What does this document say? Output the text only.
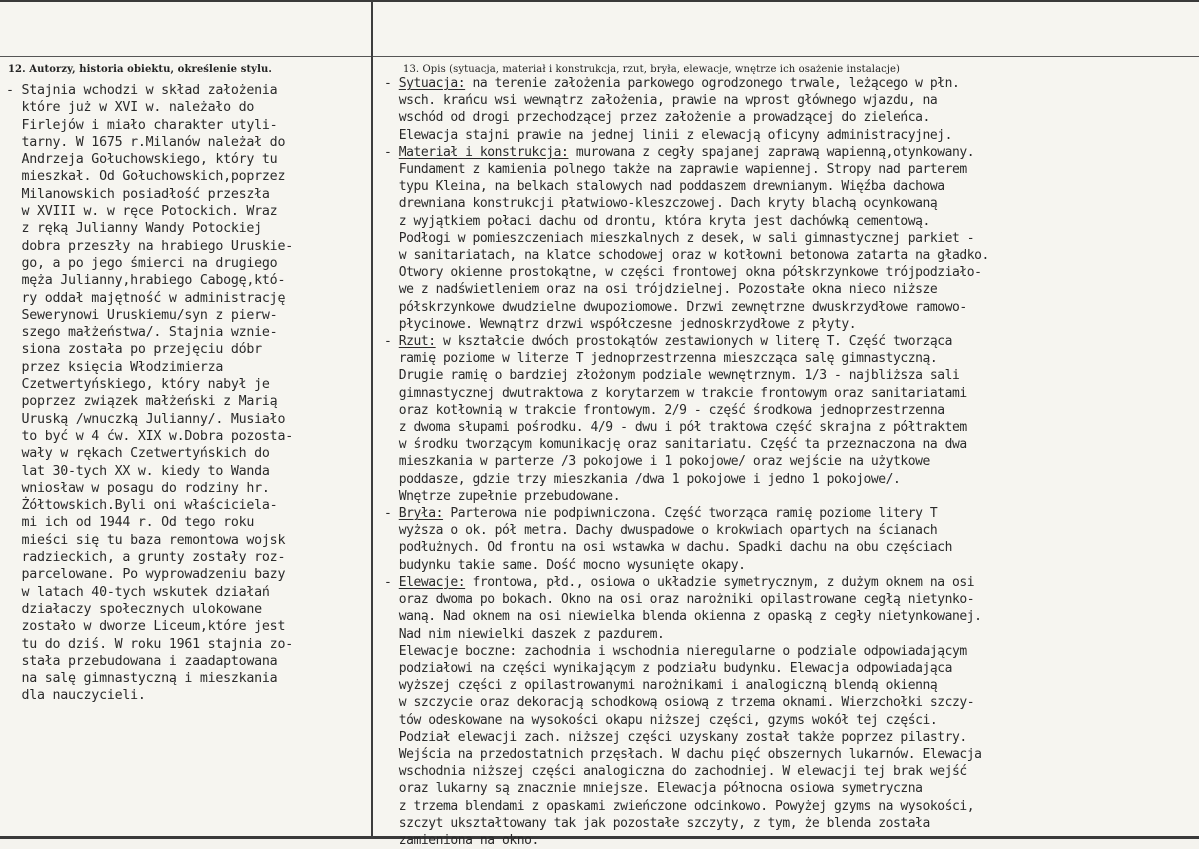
12. Autorzy, historia obiektu, określenie stylu.	13. Opis (sytuacja, materiał i konstrukcja, rzut, bryła, elewacje, wnętrze ich osażenie instalacje)
- Stajnia wchodzi w skład założenia
które już w XVI w. należało do
Firlejów i miało charakter utyli-
tarny. W 1675 r.Milanów należał do
Andrzeja Gołuchowskiego, który tu
mieszkał. Od Gołuchowskich,poprzez
Milanowskich posiadłość przeszła
w XVIII w. w ręce Potockich. Wraz
z ręką Julianny Wandy Potockiej
dobra przeszły na hrabiego Uruskie-
go, a po jego śmierci na drugiego
męża Julianny,hrabiego Cabogę,któ-
ry oddał majętność w administrację
Sewerynowi Uruskiemu/syn z pierw-
szego małżeństwa/. Stajnia wznie-
siona została po przejęciu dóbr
przez księcia Włodzimierza
Czetwertyńskiego, który nabył je
poprzez związek małżeński z Marią
Uruską /wnuczką Julianny/. Musiało
to być w 4 ćw. XIX w.Dobra pozosta-
wały w rękach Czetwertyńskich do
lat 30-tych XX w. kiedy to Wanda
wniosław w posagu do rodziny hr.
Żółtowskich.Byli oni właściciela-
mi ich od 1944 r. Od tego roku
mieści się tu baza remontowa wojsk
radzieckich, a grunty zostały roz-
parcelowane. Po wyprowadzeniu bazy
w latach 40-tych wskutek działań
działaczy społecznych ulokowane
zostało w dworze Liceum,które jest
tu do dziś. W roku 1961 stajnia zo-
stała przebudowana i zaadaptowana
na salę gimnastyczną i mieszkania
dla nauczycieli.
- Sytuacja: na terenie założenia parkowego ogrodzonego trwale, leżącego w płn.
wsch. krańcu wsi wewnątrz założenia, prawie na wprost głównego wjazdu, na
wschód od drogi przechodzącej przez założenie a prowadzącej do zieleńca.
Elewacja stajni prawie na jednej linii z elewacją oficyny administracyjnej.
- Materiał i konstrukcja: murowana z cegły spajanej zaprawą wapienną,otynkowany.
Fundament z kamienia polnego także na zaprawie wapiennej. Stropy nad parterem
typu Kleina, na belkach stalowych nad poddaszem drewnianym. Więźba dachowa
drewniana konstrukcji płatwiowo-kleszczowej. Dach kryty blachą ocynkowaną
z wyjątkiem połaci dachu od drontu, która kryta jest dachówką cementową.
Podłogi w pomieszczeniach mieszkalnych z desek, w sali gimnastycznej parkiet -
w sanitariatach, na klatce schodowej oraz w kotłowni betonowa zatarta na gładko.
Otwory okienne prostokątne, w części frontowej okna półskrzynkowe trójpodziało-
we z nadświetleniem oraz na osi trójdzielnej. Pozostałe okna nieco niższe
półskrzynkowe dwudzielne dwupoziomowe. Drzwi zewnętrzne dwuskrzydłowe ramowo-
płycinowe. Wewnątrz drzwi współczesne jednoskrzydłowe z płyty.
- Rzut: w kształcie dwóch prostokątów zestawionych w literę T. Część tworząca
ramię poziome w literze T jednoprzestrzenna mieszcząca salę gimnastyczną.
Drugie ramię o bardziej złożonym podziale wewnętrznym. 1/3 - najbliższa sali
gimnastycznej dwutraktowa z korytarzem w trakcie frontowym oraz sanitariatami
oraz kotłownią w trakcie frontowym. 2/9 - część środkowa jednoprzestrzenna
z dwoma słupami pośrodku. 4/9 - dwu i pół traktowa część skrajna z półtraktem
w środku tworzącym komunikację oraz sanitariatu. Część ta przeznaczona na dwa
mieszkania w parterze /3 pokojowe i 1 pokojowe/ oraz wejście na użytkowe
poddasze, gdzie trzy mieszkania /dwa 1 pokojowe i jedno 1 pokojowe/.
Wnętrze zupełnie przebudowane.
- Bryła: Parterowa nie podpiwniczona. Część tworząca ramię poziome litery T
wyższa o ok. pół metra. Dachy dwuspadowe o krokwiach opartych na ścianach
podłużnych. Od frontu na osi wstawka w dachu. Spadki dachu na obu częściach
budynku takie same. Dość mocno wysunięte okapy.
- Elewacje: frontowa, płd., osiowa o układzie symetrycznym, z dużym oknem na osi
oraz dwoma po bokach. Okno na osi oraz narożniki opilastrowane cegłą nietynko-
waną. Nad oknem na osi niewielka blenda okienna z opaską z cegły nietynkowanej.
Nad nim niewielki daszek z pazdurem.
Elewacje boczne: zachodnia i wschodnia nieregularne o podziale odpowiadającym
podziałowi na części wynikającym z podziału budynku. Elewacja odpowiadająca
wyższej części z opilastrowanymi narożnikami i analogiczną blendą okienną
w szczycie oraz dekoracją schodkową osiową z trzema oknami. Wierzchołki szczy-
tów odeskowane na wysokości okapu niższej części, gzyms wokół tej części.
Podział elewacji zach. niższej części uzyskany został także poprzez pilastry.
Wejścia na przedostatnich przęsłach. W dachu pięć obszernych lukarnów. Elewacja
wschodnia niższej części analogiczna do zachodniej. W elewacji tej brak wejść
oraz lukarny są znacznie mniejsze. Elewacja północna osiowa symetryczna
z trzema blendami z opaskami zwieńczone odcinkowo. Powyżej gzyms na wysokości,
szczyt ukształtowany tak jak pozostałe szczyty, z tym, że blenda została
zamieniona na okno.
